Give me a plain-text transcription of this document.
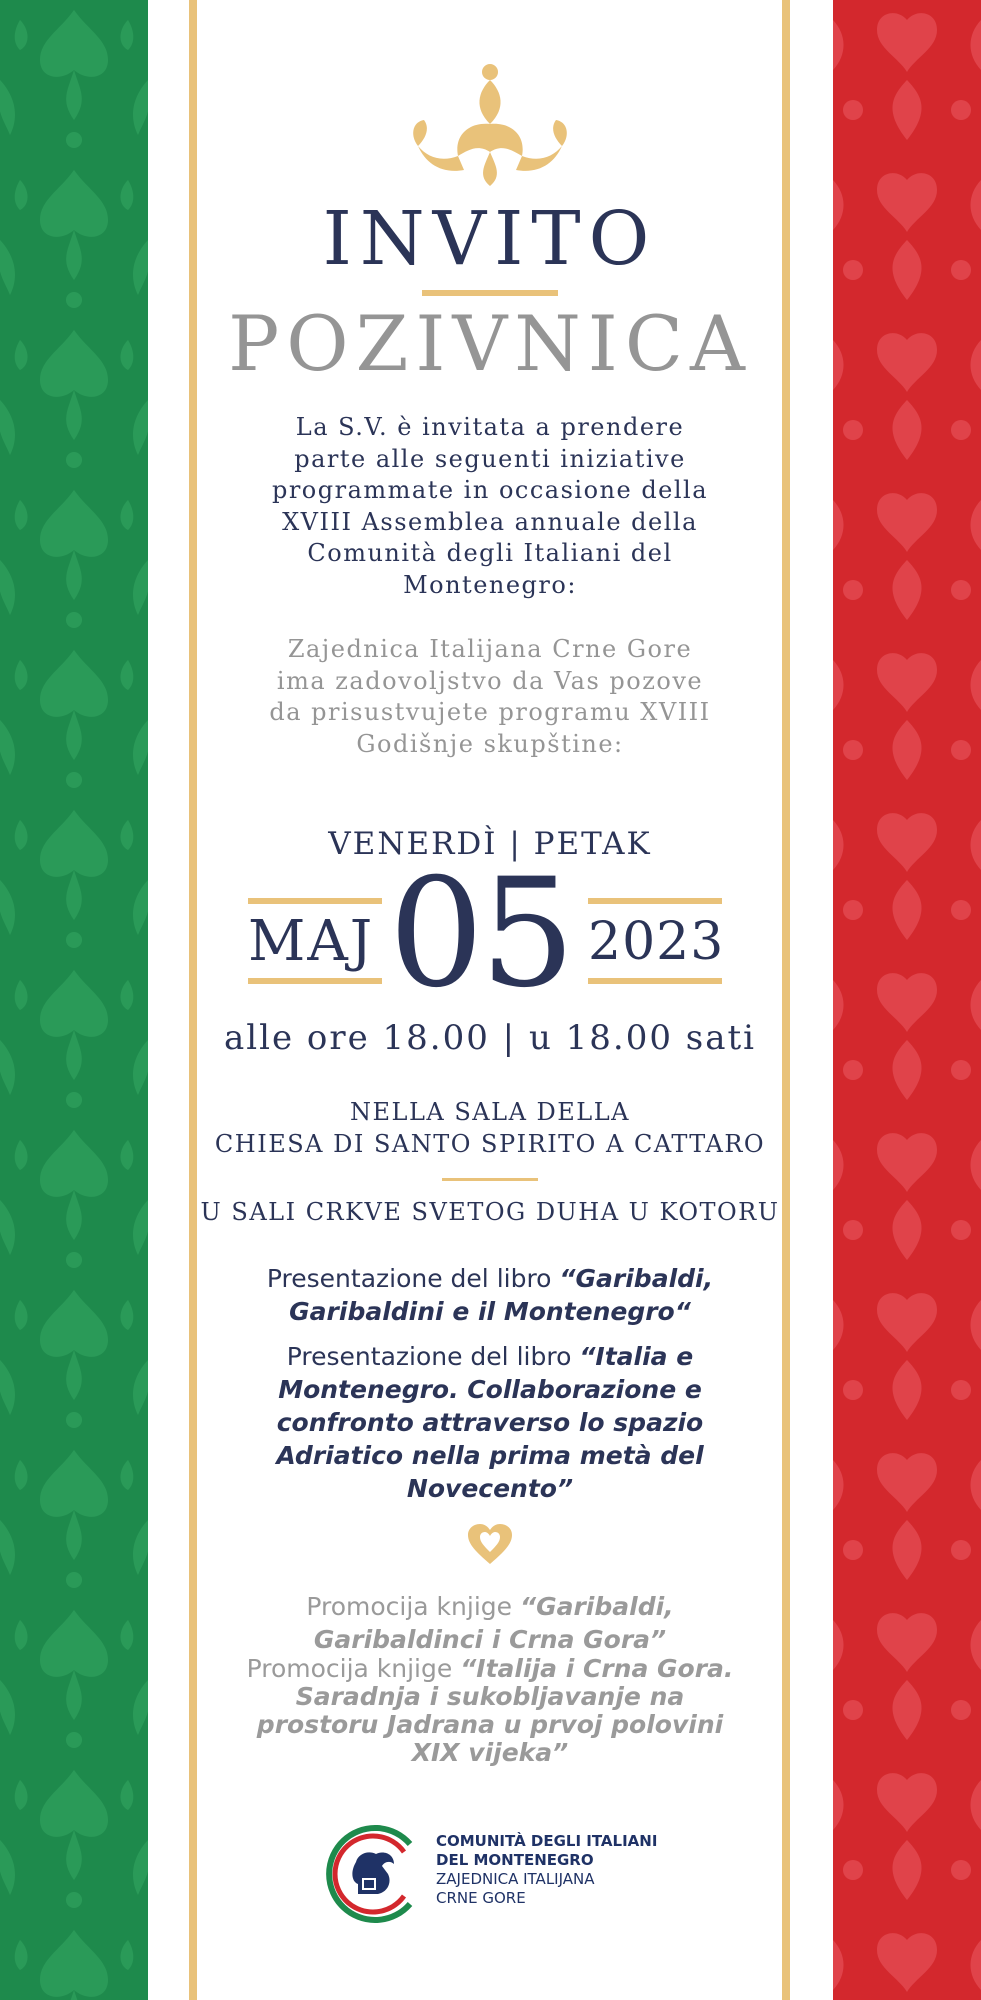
INVITO
POZIVNICA
La S.V. è invitata a prendere parte alle seguenti iniziative programmate in occasione della XVIII Assemblea annuale della Comunità degli Italiani del Montenegro:
Zajednica Italijana Crne Gore ima zadovoljstvo da Vas pozove da prisustvujete programu XVIII Godišnje skupštine:
VENERDÌ | PETAK
MAJ 05 2023
alle ore 18.00 | u 18.00 sati
NELLA SALA DELLA
CHIESA DI SANTO SPIRITO A CATTARO
U SALI CRKVE SVETOG DUHA U KOTORU
Presentazione del libro “Garibaldi, Garibaldini e il Montenegro“
Presentazione del libro “Italia e Montenegro. Collaborazione e confronto attraverso lo spazio Adriatico nella prima metà del Novecento”
Promocija knjige “Garibaldi, Garibaldinci i Crna Gora”
Promocija knjige “Italija i Crna Gora. Saradnja i sukobljavanje na prostoru Jadrana u prvoj polovini XIX vijeka”
COMUNITÀ DEGLI ITALIANI
DEL MONTENEGRO
ZAJEDNICA ITALIJANA
CRNE GORE
